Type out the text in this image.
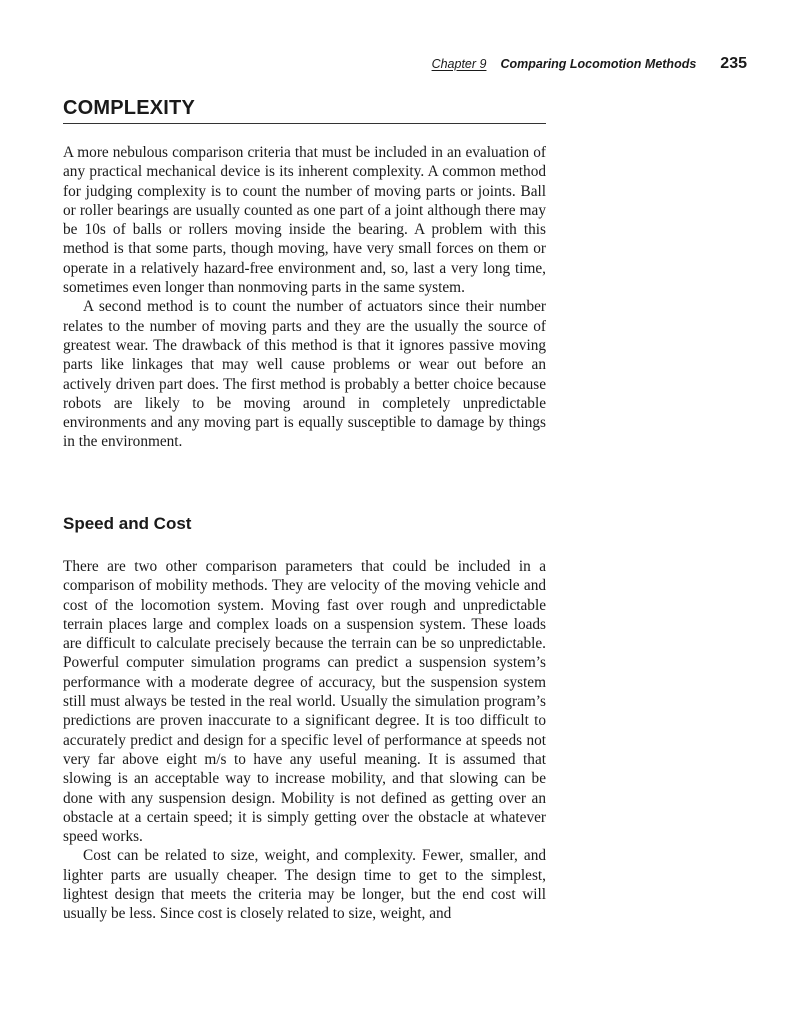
Chapter 9 Comparing Locomotion Methods 235
COMPLEXITY

A more nebulous comparison criteria that must be included in an evaluation of any practical mechanical device is its inherent complexity. A common method for judging complexity is to count the number of moving parts or joints. Ball or roller bearings are usually counted as one part of a joint although there may be 10s of balls or rollers moving inside the bearing. A problem with this method is that some parts, though moving, have very small forces on them or operate in a relatively hazard-free environment and, so, last a very long time, sometimes even longer than nonmoving parts in the same system.

A second method is to count the number of actuators since their number relates to the number of moving parts and they are the usually the source of greatest wear. The drawback of this method is that it ignores passive moving parts like linkages that may well cause problems or wear out before an actively driven part does. The first method is probably a better choice because robots are likely to be moving around in completely unpredictable environments and any moving part is equally susceptible to damage by things in the environment.

Speed and Cost

There are two other comparison parameters that could be included in a comparison of mobility methods. They are velocity of the moving vehicle and cost of the locomotion system. Moving fast over rough and unpredictable terrain places large and complex loads on a suspension system. These loads are difficult to calculate precisely because the terrain can be so unpredictable. Powerful computer simulation programs can predict a suspension system’s performance with a moderate degree of accuracy, but the suspension system still must always be tested in the real world. Usually the simulation program’s predictions are proven inaccurate to a significant degree. It is too difficult to accurately predict and design for a specific level of performance at speeds not very far above eight m/s to have any useful meaning. It is assumed that slowing is an acceptable way to increase mobility, and that slowing can be done with any suspension design. Mobility is not defined as getting over an obstacle at a certain speed; it is simply getting over the obstacle at whatever speed works.

Cost can be related to size, weight, and complexity. Fewer, smaller, and lighter parts are usually cheaper. The design time to get to the simplest, lightest design that meets the criteria may be longer, but the end cost will usually be less. Since cost is closely related to size, weight, and
